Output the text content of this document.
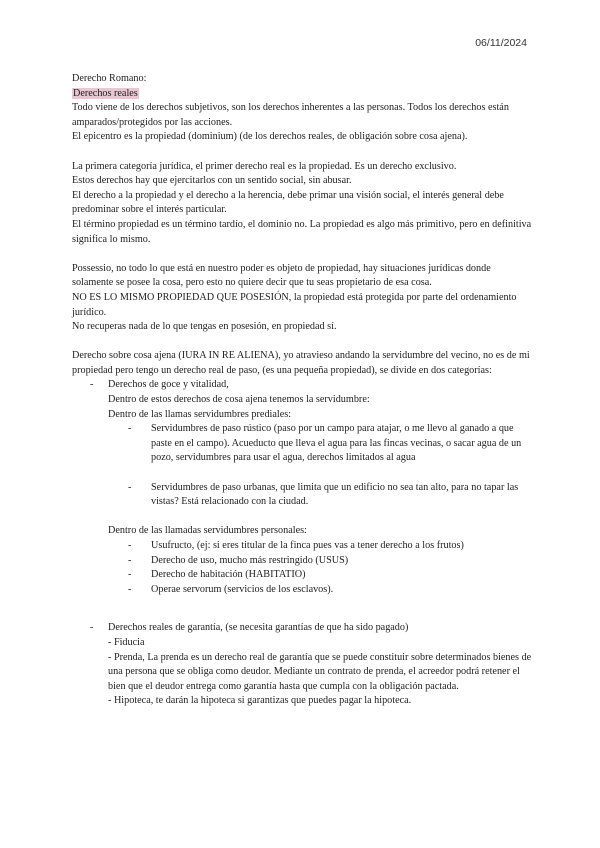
06/11/2024

Derecho Romano:

Derechos reales

Todo viene de los derechos subjetivos, son los derechos inherentes a las personas. Todos los derechos están amparados/protegidos por las acciones.

El epicentro es la propiedad (dominium) (de los derechos reales, de obligación sobre cosa ajena).

La primera categoría jurídica, el primer derecho real es la propiedad. Es un derecho exclusivo.

Estos derechos hay que ejercitarlos con un sentido social, sin abusar.

El derecho a la propiedad y el derecho a la herencia, debe primar una visión social, el interés general debe predominar sobre el interés particular.

El término propiedad es un término tardío, el dominio no. La propiedad es algo más primitivo, pero en definitiva significa lo mismo.

Possessio, no todo lo que está en nuestro poder es objeto de propiedad, hay situaciones jurídicas donde solamente se posee la cosa, pero esto no quiere decir que tu seas propietario de esa cosa.

NO ES LO MISMO PROPIEDAD QUE POSESIÓN, la propiedad está protegida por parte del ordenamiento jurídico.

No recuperas nada de lo que tengas en posesión, en propiedad sí.

Derecho sobre cosa ajena (IURA IN RE ALIENA), yo atravieso andando la servidumbre del vecino, no es de mi propiedad pero tengo un derecho real de paso, (es una pequeña propiedad), se divide en dos categorías:

- Derechos de goce y vitalidad,

Dentro de estos derechos de cosa ajena tenemos la servidumbre:

Dentro de las llamas servidumbres prediales:

- Servidumbres de paso rústico (paso por un campo para atajar, o me llevo al ganado a que paste en el campo). Acueducto que lleva el agua para las fincas vecinas, o sacar agua de un pozo, servidumbres para usar el agua, derechos limitados al agua

- Servidumbres de paso urbanas, que limita que un edificio no sea tan alto, para no tapar las vistas? Está relacionado con la ciudad.

Dentro de las llamadas servidumbres personales:

- Usufructo, (ej: si eres titular de la finca pues vas a tener derecho a los frutos)

- Derecho de uso, mucho más restringido (USUS)

- Derecho de habitación (HABITATIO)

- Operae servorum (servicios de los esclavos).

- Derechos reales de garantía, (se necesita garantías de que ha sido pagado)

- Fiducia

- Prenda, La prenda es un derecho real de garantía que se puede constituir sobre determinados bienes de una persona que se obliga como deudor. Mediante un contrato de prenda, el acreedor podrá retener el bien que el deudor entrega como garantía hasta que cumpla con la obligación pactada.

- Hipoteca, te darán la hipoteca si garantizas que puedes pagar la hipoteca.
